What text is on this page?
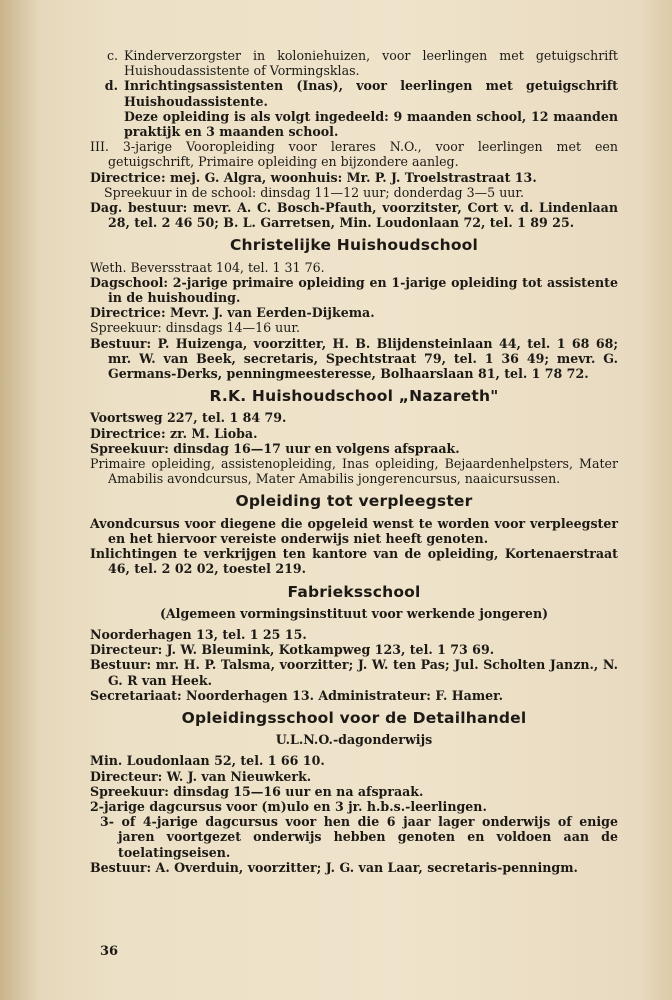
c. Kinderverzorgster in koloniehuizen, voor leerlingen met getuigschrift Huishoudassistente of Vormingsklas.
d. Inrichtingsassistenten (Inas), voor leerlingen met getuigschrift Huishoudassistente.

Deze opleiding is als volgt ingedeeld: 9 maanden school, 12 maanden praktijk en 3 maanden school.

III. 3-jarige Vooropleiding voor lerares N.O., voor leerlingen met een getuigschrift, Primaire opleiding en bijzondere aanleg.

Directrice: mej. G. Algra, woonhuis: Mr. P. J. Troelstrastraat 13.

Spreekuur in de school: dinsdag 11—12 uur; donderdag 3—5 uur.

Dag. bestuur: mevr. A. C. Bosch-Pfauth, voorzitster, Cort v. d. Lindenlaan 28, tel. 2 46 50; B. L. Garretsen, Min. Loudonlaan 72, tel. 1 89 25.

Christelijke Huishoudschool

Weth. Beversstraat 104, tel. 1 31 76.

Dagschool: 2-jarige primaire opleiding en 1-jarige opleiding tot assistente in de huishouding.

Directrice: Mevr. J. van Eerden-Dijkema.

Spreekuur: dinsdags 14—16 uur.

Bestuur: P. Huizenga, voorzitter, H. B. Blijdensteinlaan 44, tel. 1 68 68; mr. W. van Beek, secretaris, Spechtstraat 79, tel. 1 36 49; mevr. G. Germans-Derks, penningmeesteresse, Bolhaarslaan 81, tel. 1 78 72.

R.K. Huishoudschool „Nazareth"

Voortsweg 227, tel. 1 84 79.

Directrice: zr. M. Lioba.

Spreekuur: dinsdag 16—17 uur en volgens afspraak.

Primaire opleiding, assistenopleiding, Inas opleiding, Bejaardenhelpsters, Mater Amabilis avondcursus, Mater Amabilis jongerencursus, naaicursussen.

Opleiding tot verpleegster

Avondcursus voor diegene die opgeleid wenst te worden voor verpleegster en het hiervoor vereiste onderwijs niet heeft genoten.

Inlichtingen te verkrijgen ten kantore van de opleiding, Kortenaerstraat 46, tel. 2 02 02, toestel 219.

Fabrieksschool

(Algemeen vormingsinstituut voor werkende jongeren)

Noorderhagen 13, tel. 1 25 15.

Directeur: J. W. Bleumink, Kotkampweg 123, tel. 1 73 69.

Bestuur: mr. H. P. Talsma, voorzitter; J. W. ten Pas; Jul. Scholten Janzn., N. G. R van Heek.

Secretariaat: Noorderhagen 13. Administrateur: F. Hamer.

Opleidingsschool voor de Detailhandel

U.L.N.O.-dagonderwijs

Min. Loudonlaan 52, tel. 1 66 10.

Directeur: W. J. van Nieuwkerk.

Spreekuur: dinsdag 15—16 uur en na afspraak.

2-jarige dagcursus voor (m)ulo en 3 jr. h.b.s.-leerlingen.

3- of 4-jarige dagcursus voor hen die 6 jaar lager onderwijs of enige jaren voortgezet onderwijs hebben genoten en voldoen aan de toelatingseisen.

Bestuur: A. Overduin, voorzitter; J. G. van Laar, secretaris-penningm.

36
